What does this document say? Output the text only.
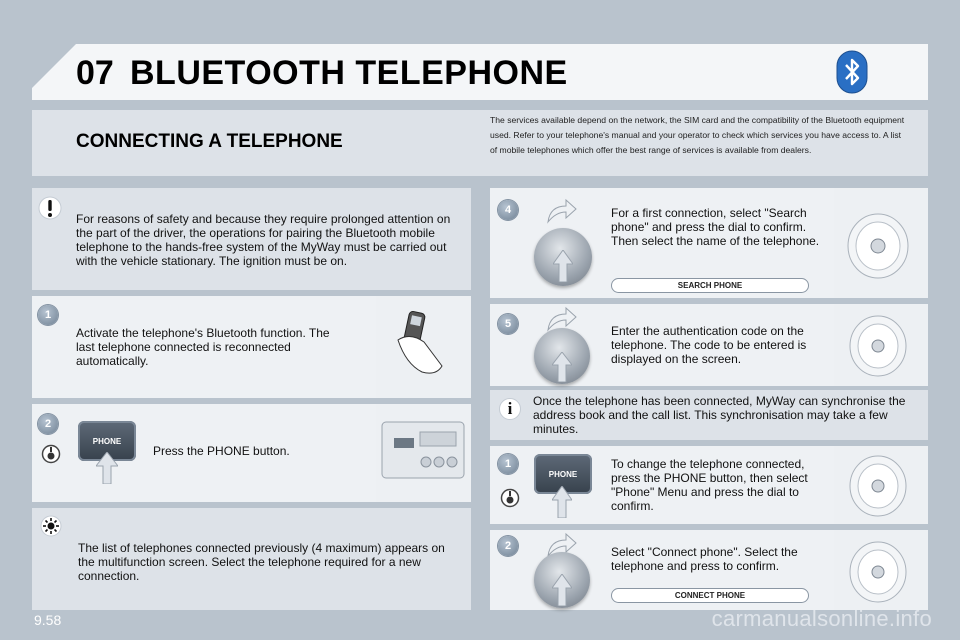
07 BLUETOOTH TELEPHONE
CONNECTING A TELEPHONE
The services available depend on the network, the SIM card and the compatibility of the Bluetooth equipment used. Refer to your telephone's manual and your operator to check which services you have access to. A list of mobile telephones which offer the best range of services is available from dealers.
For reasons of safety and because they require prolonged attention on the part of the driver, the operations for pairing the Bluetooth mobile telephone to the hands-free system of the MyWay must be carried out with the vehicle stationary. The ignition must be on.
1
Activate the telephone's Bluetooth function. The last telephone connected is reconnected automatically.
2
PHONE
Press the PHONE button.
The list of telephones connected previously (4 maximum) appears on the multifunction screen. Select the telephone required for a new connection.
4	For a first connection, select "Search phone" and press the dial to confirm. Then select the name of the telephone.
SEARCH PHONE
5	Enter the authentication code on the telephone. The code to be entered is displayed on the screen.
i	Once the telephone has been connected, MyWay can synchronise the address book and the call list. This synchronisation may take a few minutes.
1
PHONE
To change the telephone connected, press the PHONE button, then select "Phone" Menu and press the dial to confirm.
2	Select "Connect phone". Select the telephone and press to confirm.
CONNECT PHONE
9.58	carmanualsonline.info
